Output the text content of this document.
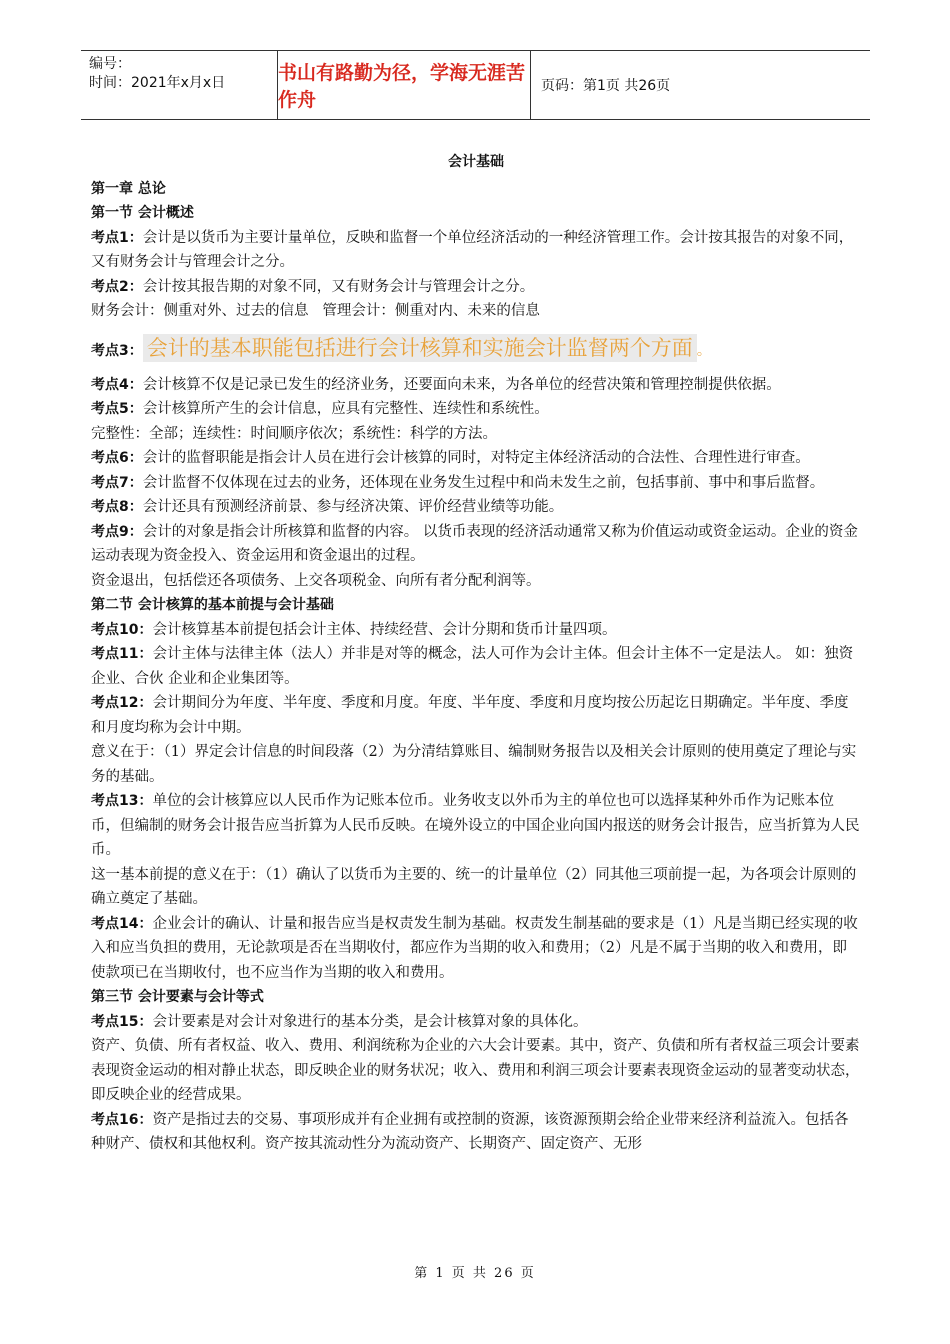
编号：
时间：2021年x月x日	书山有路勤为径，学海无涯苦作舟
页码：第1页 共26页

会计基础

第一章 总论

第一节 会计概述

考点1：会计是以货币为主要计量单位，反映和监督一个单位经济活动的一种经济管理工作。会计按其报告的对象不同，又有财务会计与管理会计之分。

考点2：会计按其报告期的对象不同，又有财务会计与管理会计之分。

财务会计：侧重对外、过去的信息   管理会计：侧重对内、未来的信息

考点3： 会计的基本职能包括进行会计核算和实施会计监督两个方面 。

考点4：会计核算不仅是记录已发生的经济业务，还要面向未来，为各单位的经营决策和管理控制提供依据。

考点5：会计核算所产生的会计信息，应具有完整性、连续性和系统性。

完整性：全部；连续性：时间顺序依次；系统性：科学的方法。

考点6：会计的监督职能是指会计人员在进行会计核算的同时，对特定主体经济活动的合法性、合理性进行审查。

考点7：会计监督不仅体现在过去的业务，还体现在业务发生过程中和尚未发生之前，包括事前、事中和事后监督。

考点8：会计还具有预测经济前景、参与经济决策、评价经营业绩等功能。

考点9：会计的对象是指会计所核算和监督的内容。 以货币表现的经济活动通常又称为价值运动或资金运动。企业的资金运动表现为资金投入、资金运用和资金退出的过程。

资金退出，包括偿还各项债务、上交各项税金、向所有者分配利润等。

第二节 会计核算的基本前提与会计基础

考点10：会计核算基本前提包括会计主体、持续经营、会计分期和货币计量四项。

考点11：会计主体与法律主体（法人）并非是对等的概念，法人可作为会计主体。但会计主体不一定是法人。 如：独资企业、合伙 企业和企业集团等。

考点12：会计期间分为年度、半年度、季度和月度。年度、半年度、季度和月度均按公历起讫日期确定。半年度、季度和月度均称为会计中期。

意义在于：（1）界定会计信息的时间段落（2）为分清结算账目、编制财务报告以及相关会计原则的使用奠定了理论与实务的基础。

考点13：单位的会计核算应以人民币作为记账本位币。业务收支以外币为主的单位也可以选择某种外币作为记账本位币，但编制的财务会计报告应当折算为人民币反映。在境外设立的中国企业向国内报送的财务会计报告，应当折算为人民币。

这一基本前提的意义在于：（1）确认了以货币为主要的、统一的计量单位（2）同其他三项前提一起，为各项会计原则的确立奠定了基础。

考点14：企业会计的确认、计量和报告应当是权责发生制为基础。权责发生制基础的要求是（1）凡是当期已经实现的收入和应当负担的费用，无论款项是否在当期收付，都应作为当期的收入和费用；（2）凡是不属于当期的收入和费用，即使款项已在当期收付，也不应当作为当期的收入和费用。

第三节 会计要素与会计等式

考点15：会计要素是对会计对象进行的基本分类，是会计核算对象的具体化。

资产、负债、所有者权益、收入、费用、利润统称为企业的六大会计要素。其中，资产、负债和所有者权益三项会计要素表现资金运动的相对静止状态，即反映企业的财务状况；收入、费用和利润三项会计要素表现资金运动的显著变动状态，即反映企业的经营成果。

考点16：资产是指过去的交易、事项形成并有企业拥有或控制的资源，该资源预期会给企业带来经济利益流入。包括各种财产、债权和其他权利。资产按其流动性分为流动资产、长期资产、固定资产、无形

第 1 页 共 26 页
